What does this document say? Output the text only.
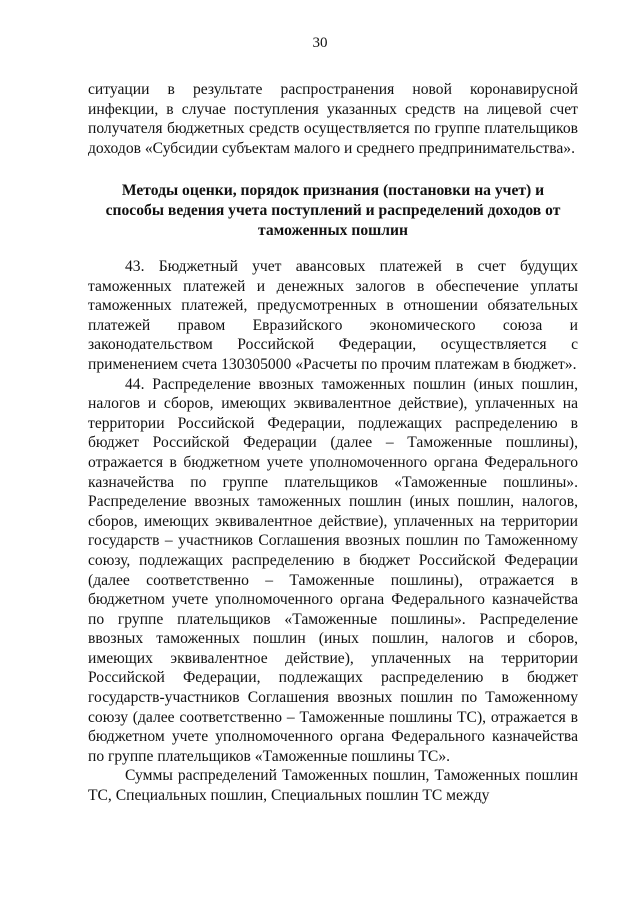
30

ситуации в результате распространения новой коронавирусной инфекции, в случае поступления указанных средств на лицевой счет получателя бюджетных средств осуществляется по группе плательщиков доходов «Субсидии субъектам малого и среднего предпринимательства».

Методы оценки, порядок признания (постановки на учет) и способы ведения учета поступлений и распределений доходов от таможенных пошлин

43. Бюджетный учет авансовых платежей в счет будущих таможенных платежей и денежных залогов в обеспечение уплаты таможенных платежей, предусмотренных в отношении обязательных платежей правом Евразийского экономического союза и законодательством Российской Федерации, осуществляется с применением счета 130305000 «Расчеты по прочим платежам в бюджет».

44. Распределение ввозных таможенных пошлин (иных пошлин, налогов и сборов, имеющих эквивалентное действие), уплаченных на территории Российской Федерации, подлежащих распределению в бюджет Российской Федерации (далее – Таможенные пошлины), отражается в бюджетном учете уполномоченного органа Федерального казначейства по группе плательщиков «Таможенные пошлины». Распределение ввозных таможенных пошлин (иных пошлин, налогов, сборов, имеющих эквивалентное действие), уплаченных на территории государств – участников Соглашения ввозных пошлин по Таможенному союзу, подлежащих распределению в бюджет Российской Федерации (далее соответственно – Таможенные пошлины), отражается в бюджетном учете уполномоченного органа Федерального казначейства по группе плательщиков «Таможенные пошлины». Распределение ввозных таможенных пошлин (иных пошлин, налогов и сборов, имеющих эквивалентное действие), уплаченных на территории Российской Федерации, подлежащих распределению в бюджет государств-участников Соглашения ввозных пошлин по Таможенному союзу (далее соответственно – Таможенные пошлины ТС), отражается в бюджетном учете уполномоченного органа Федерального казначейства по группе плательщиков «Таможенные пошлины ТС».

Суммы распределений Таможенных пошлин, Таможенных пошлин ТС, Специальных пошлин, Специальных пошлин ТС между
